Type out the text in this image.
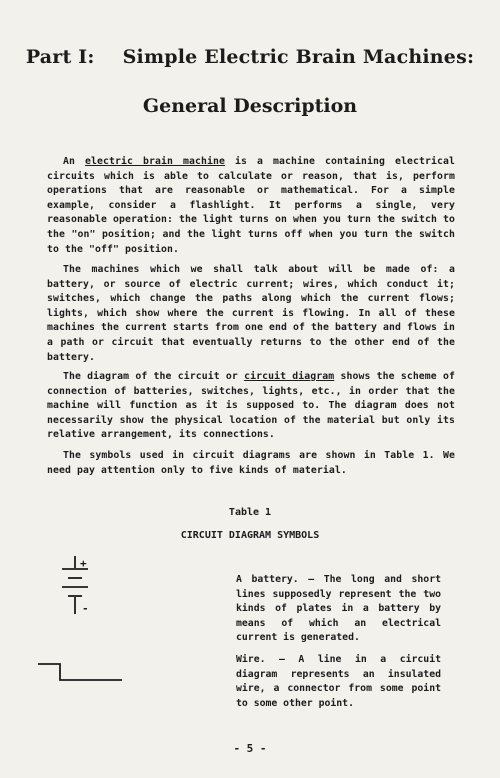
Part I: Simple Electric Brain Machines:
General Description

An electric brain machine is a machine containing electrical circuits which is able to calculate or reason, that is, perform operations that are reasonable or mathematical. For a simple example, consider a flashlight. It performs a single, very reasonable operation: the light turns on when you turn the switch to the "on" position; and the light turns off when you turn the switch to the "off" position.

The machines which we shall talk about will be made of: a battery, or source of electric current; wires, which conduct it; switches, which change the paths along which the current flows; lights, which show where the current is flowing. In all of these machines the current starts from one end of the battery and flows in a path or circuit that eventually returns to the other end of the battery.

The diagram of the circuit or circuit diagram shows the scheme of connection of batteries, switches, lights, etc., in order that the machine will function as it is supposed to. The diagram does not necessarily show the physical location of the material but only its relative arrangement, its connections.

The symbols used in circuit diagrams are shown in Table 1. We need pay attention only to five kinds of material.

Table 1
CIRCUIT DIAGRAM SYMBOLS
+
-

A battery. — The long and short lines supposedly represent the two kinds of plates in a battery by means of which an electrical current is generated.

Wire. — A line in a circuit diagram represents an insulated wire, a connector from some point to some other point.

- 5 -
